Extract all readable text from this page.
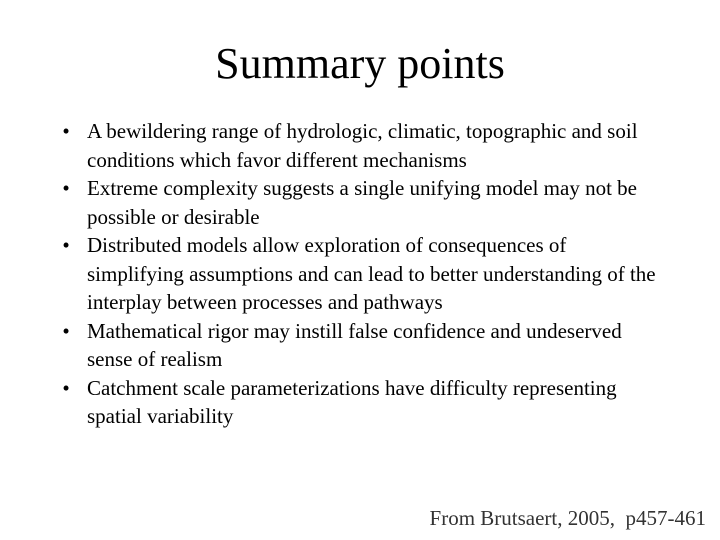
Summary points
• A bewildering range of hydrologic, climatic, topographic and soil conditions which favor different mechanisms
• Extreme complexity suggests a single unifying model may not be possible or desirable
• Distributed models allow exploration of consequences of simplifying assumptions and can lead to better understanding of the interplay between processes and pathways
• Mathematical rigor may instill false confidence and undeserved sense of realism
• Catchment scale parameterizations have difficulty representing spatial variability
From Brutsaert, 2005,  p457-461
